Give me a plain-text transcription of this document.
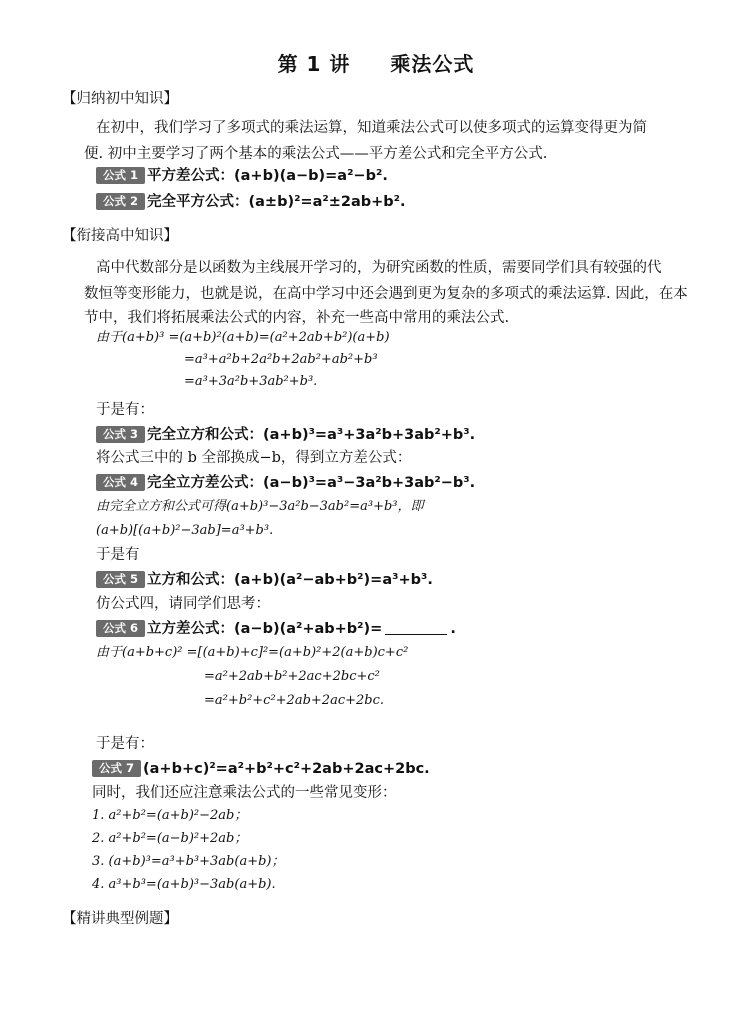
第 1 讲 乘法公式
【归纳初中知识】
在初中，我们学习了多项式的乘法运算，知道乘法公式可以使多项式的运算变得更为简
便. 初中主要学习了两个基本的乘法公式——平方差公式和完全平方公式.
公式 1 平方差公式：(a+b)(a−b)=a²−b².
公式 2 完全平方公式：(a±b)²=a²±2ab+b².
【衔接高中知识】
高中代数部分是以函数为主线展开学习的，为研究函数的性质，需要同学们具有较强的代
数恒等变形能力，也就是说，在高中学习中还会遇到更为复杂的多项式的乘法运算. 因此，在本
节中，我们将拓展乘法公式的内容，补充一些高中常用的乘法公式.
由于(a+b)³ =(a+b)²(a+b)=(a²+2ab+b²)(a+b)
=a³+a²b+2a²b+2ab²+ab²+b³
=a³+3a²b+3ab²+b³.
于是有：
公式 3 完全立方和公式：(a+b)³=a³+3a²b+3ab²+b³.
将公式三中的 b 全部换成−b，得到立方差公式：
公式 4 完全立方差公式：(a−b)³=a³−3a²b+3ab²−b³.
由完全立方和公式可得(a+b)³−3a²b−3ab²=a³+b³，即
(a+b)[(a+b)²−3ab]=a³+b³.
于是有
公式 5 立方和公式：(a+b)(a²−ab+b²)=a³+b³.
仿公式四，请同学们思考：
公式 6 立方差公式：(a−b)(a²+ab+b²)=	.
由于(a+b+c)² =[(a+b)+c]²=(a+b)²+2(a+b)c+c²
=a²+2ab+b²+2ac+2bc+c²
=a²+b²+c²+2ab+2ac+2bc.
于是有：
公式 7 (a+b+c)²=a²+b²+c²+2ab+2ac+2bc.
同时，我们还应注意乘法公式的一些常见变形：
1. a²+b²=(a+b)²−2ab；
2. a²+b²=(a−b)²+2ab；
3. (a+b)³=a³+b³+3ab(a+b)；
4. a³+b³=(a+b)³−3ab(a+b).
【精讲典型例题】
